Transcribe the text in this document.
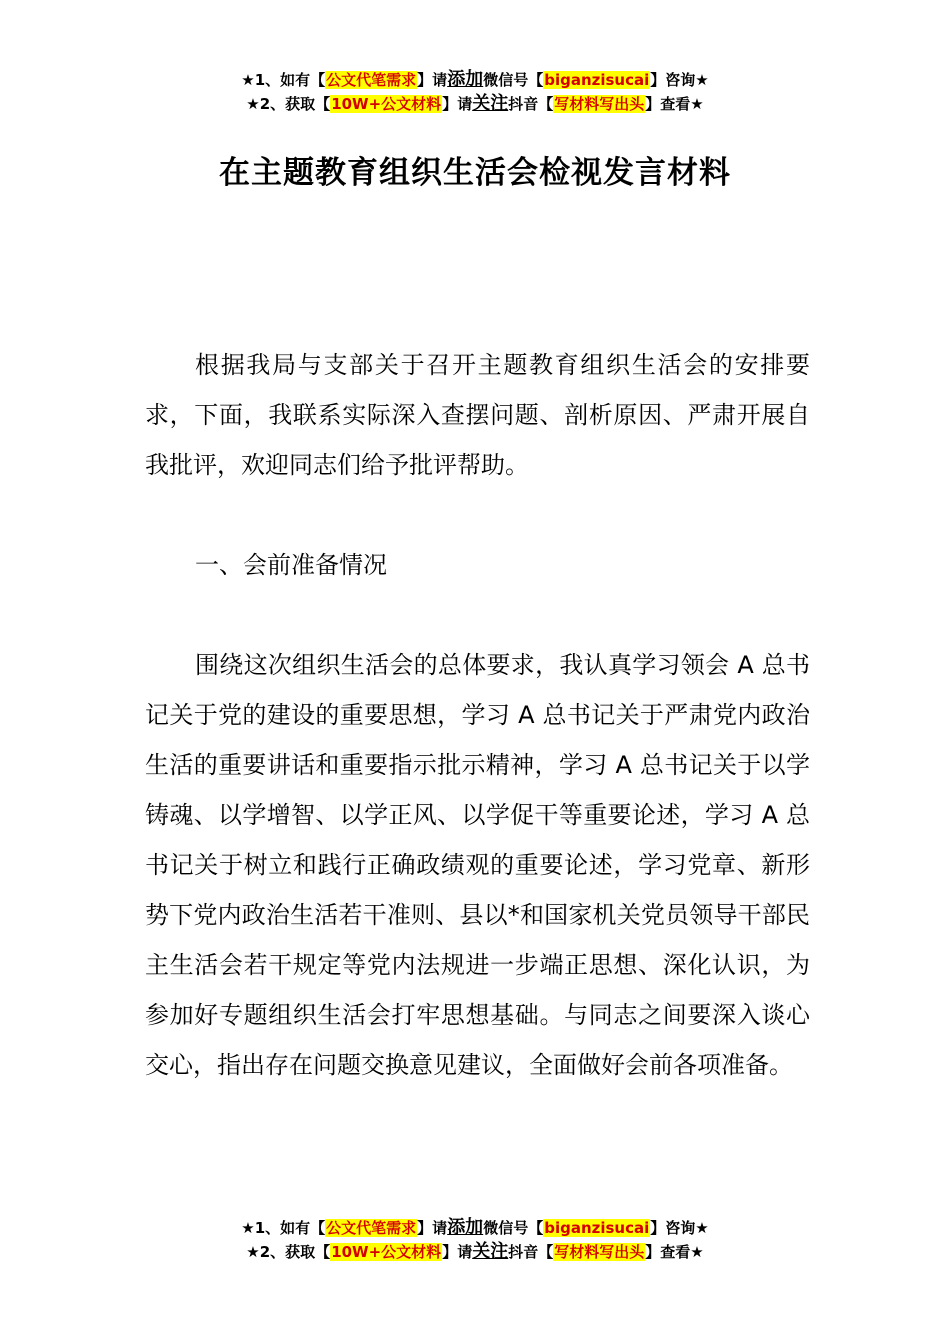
★1、如有【公文代笔需求】请添加微信号【biganzisucai】咨询★
★2、获取【10W+公文材料】请关注抖音【写材料写出头】查看★
在主题教育组织生活会检视发言材料

根据我局与支部关于召开主题教育组织生活会的安排要求，下面，我联系实际深入查摆问题、剖析原因、严肃开展自我批评，欢迎同志们给予批评帮助。

一、会前准备情况

围绕这次组织生活会的总体要求，我认真学习领会 A 总书记关于党的建设的重要思想，学习 A 总书记关于严肃党内政治生活的重要讲话和重要指示批示精神，学习 A 总书记关于以学铸魂、以学增智、以学正风、以学促干等重要论述，学习 A 总书记关于树立和践行正确政绩观的重要论述，学习党章、新形势下党内政治生活若干准则、县以*和国家机关党员领导干部民主生活会若干规定等党内法规进一步端正思想、深化认识，为参加好专题组织生活会打牢思想基础。与同志之间要深入谈心交心，指出存在问题交换意见建议，全面做好会前各项准备。

★1、如有【公文代笔需求】请添加微信号【biganzisucai】咨询★
★2、获取【10W+公文材料】请关注抖音【写材料写出头】查看★
